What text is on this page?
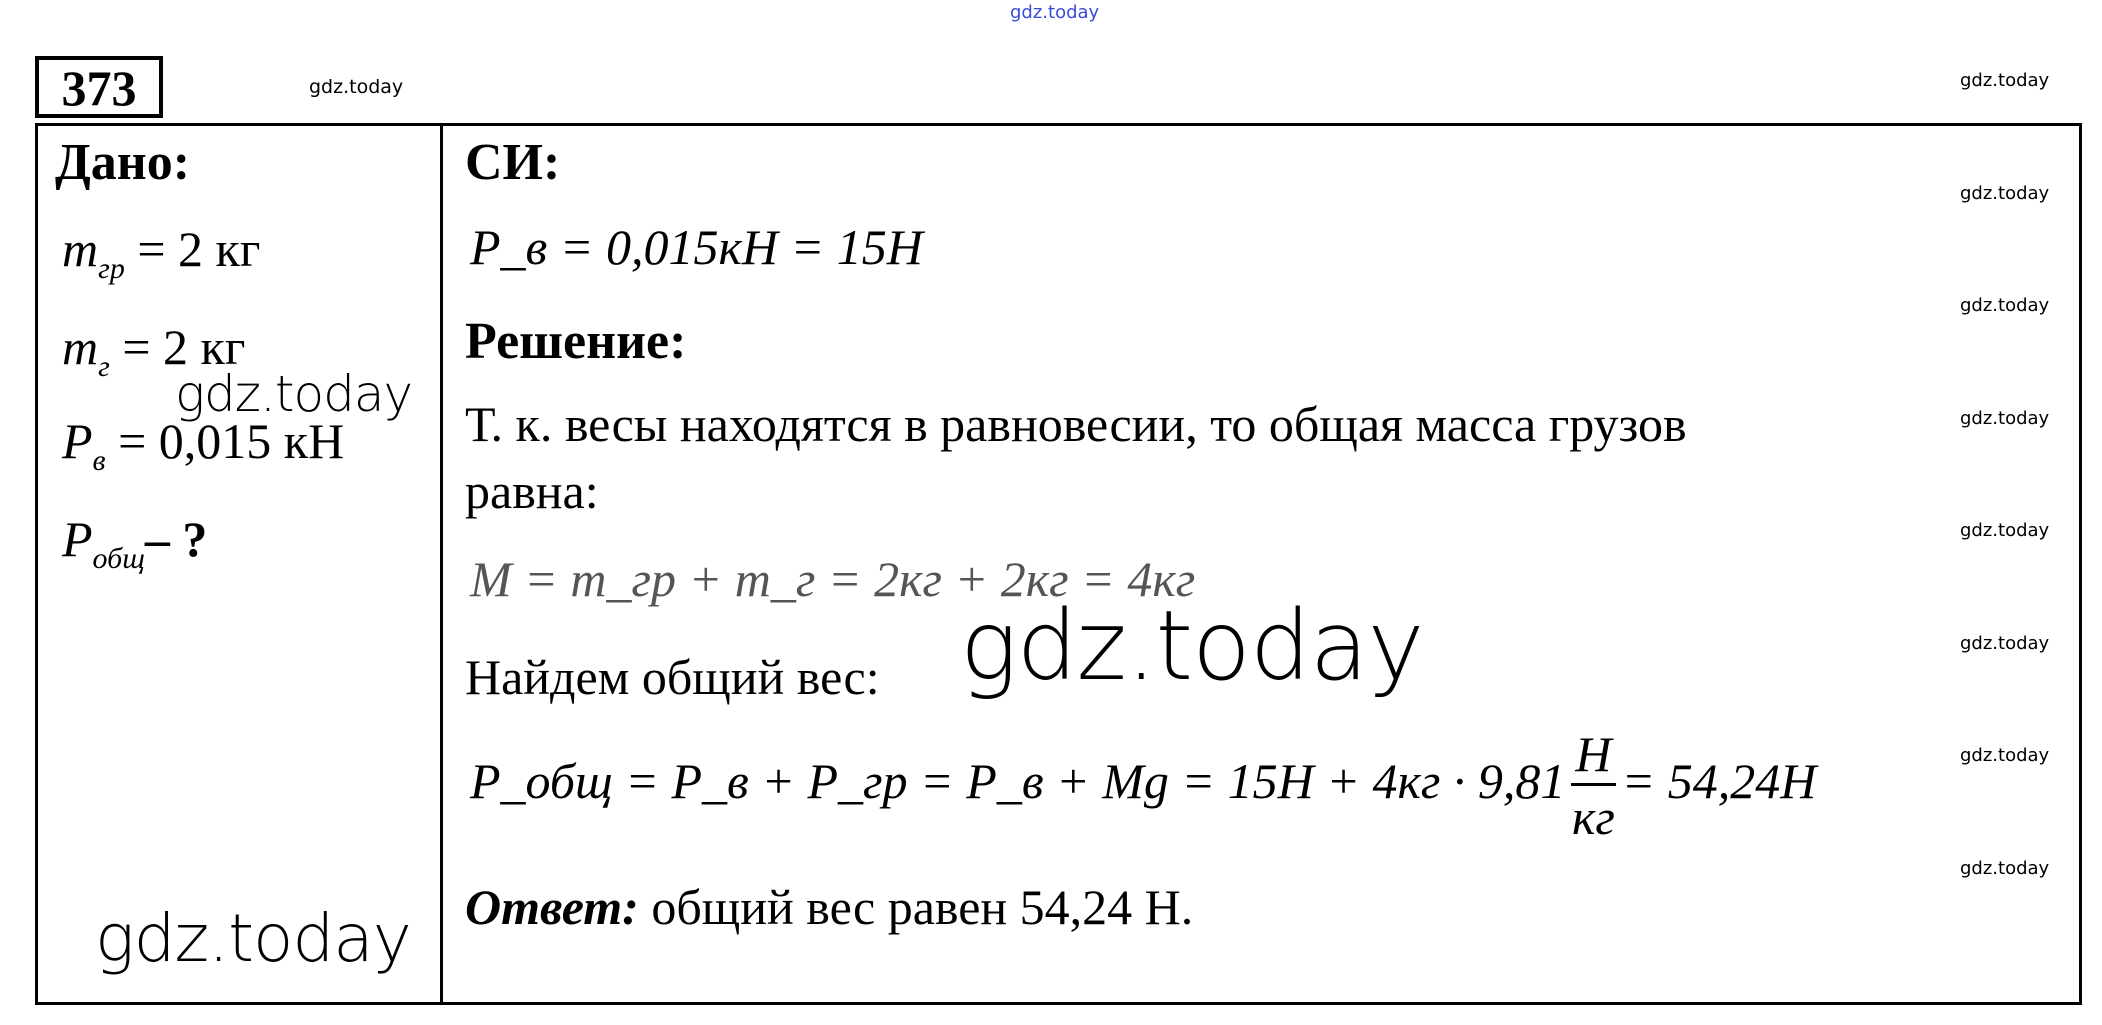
gdz.today
gdz.today	gdz.today
gdz.today
gdz.today
gdz.today
gdz.today
gdz.today
gdz.today
gdz.today
373
Дано:
$m_{гр} = 2$ кг
$m_г = 2$ кг
$P_в = 0,015$ кН
$P_{общ}-$ ?
gdz.today
gdz.today
СИ:
P_в = 0,015кН = 15Н
Решение:
Т. к. весы находятся в равновесии, то общая масса грузов
равна:
M = m_гр + m_г = 2кг + 2кг = 4кг
Найдем общий вес: gdz.today
P_общ = P_в + P_гр = P_в + $Mg = 15H + 4кг \cdot 9,81 \frac{Н}{кг} = 54,24H$
Ответ: общий вес равен 54,24 Н.
